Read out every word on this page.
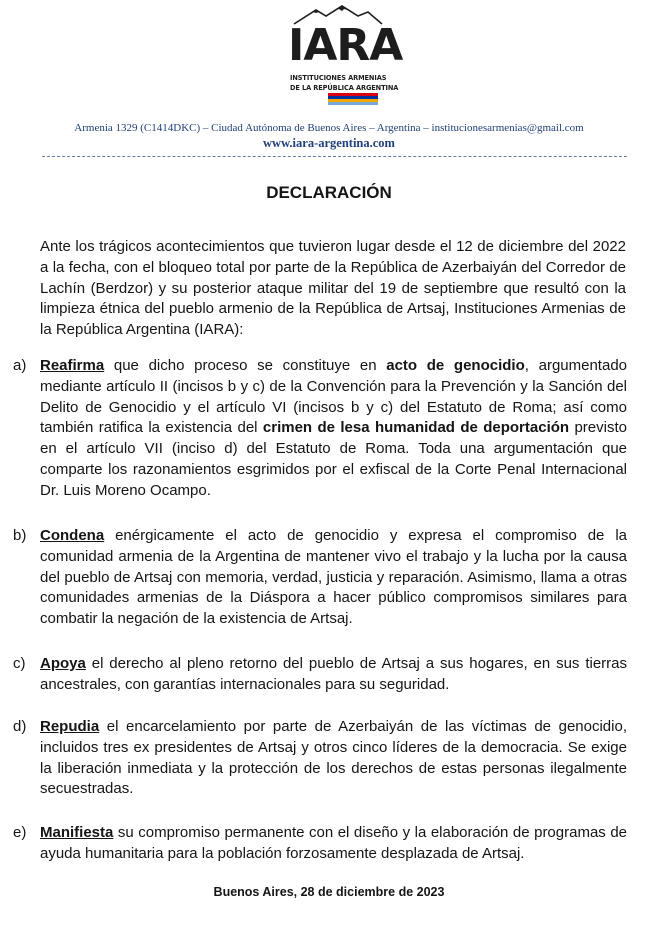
IARA
INSTITUCIONES ARMENIAS
DE LA REPÚBLICA ARGENTINA
Armenia 1329 (C1414DKC) – Ciudad Autónoma de Buenos Aires – Argentina – institucionesarmenias@gmail.com
www.iara-argentina.com
DECLARACIÓN

Ante los trágicos acontecimientos que tuvieron lugar desde el 12 de diciembre del 2022 a la fecha, con el bloqueo total por parte de la República de Azerbaiyán del Corredor de Lachín (Berdzor) y su posterior ataque militar del 19 de septiembre que resultó con la limpieza étnica del pueblo armenio de la República de Artsaj, Instituciones Armenias de la República Argentina (IARA):

a) Reafirma que dicho proceso se constituye en acto de genocidio, argumentado mediante artículo II (incisos b y c) de la Convención para la Prevención y la Sanción del Delito de Genocidio y el artículo VI (incisos b y c) del Estatuto de Roma; así como también ratifica la existencia del crimen de lesa humanidad de deportación previsto en el artículo VII (inciso d) del Estatuto de Roma. Toda una argumentación que comparte los razonamientos esgrimidos por el exfiscal de la Corte Penal Internacional Dr. Luis Moreno Ocampo.

b) Condena enérgicamente el acto de genocidio y expresa el compromiso de la comunidad armenia de la Argentina de mantener vivo el trabajo y la lucha por la causa del pueblo de Artsaj con memoria, verdad, justicia y reparación. Asimismo, llama a otras comunidades armenias de la Diáspora a hacer público compromisos similares para combatir la negación de la existencia de Artsaj.

c) Apoya el derecho al pleno retorno del pueblo de Artsaj a sus hogares, en sus tierras ancestrales, con garantías internacionales para su seguridad.

d) Repudia el encarcelamiento por parte de Azerbaiyán de las víctimas de genocidio, incluidos tres ex presidentes de Artsaj y otros cinco líderes de la democracia. Se exige la liberación inmediata y la protección de los derechos de estas personas ilegalmente secuestradas.

e) Manifiesta su compromiso permanente con el diseño y la elaboración de programas de ayuda humanitaria para la población forzosamente desplazada de Artsaj.

Buenos Aires, 28 de diciembre de 2023
